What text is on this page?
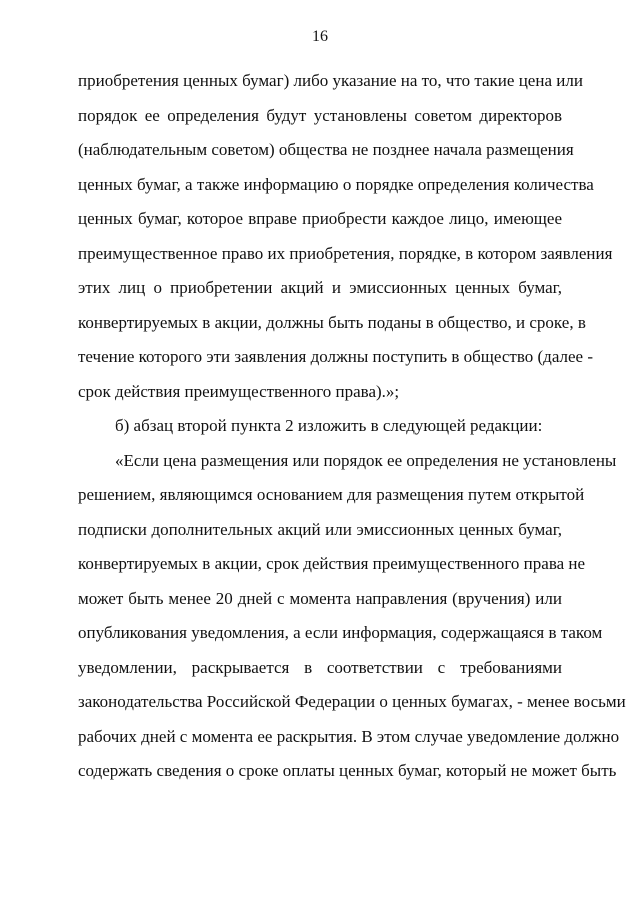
16
приобретения ценных бумаг) либо указание на то, что такие цена или
порядок ее определения будут установлены советом директоров
(наблюдательным советом) общества не позднее начала размещения
ценных бумаг, а также информацию о порядке определения количества
ценных бумаг, которое вправе приобрести каждое лицо, имеющее
преимущественное право их приобретения, порядке, в котором заявления
этих лиц о приобретении акций и эмиссионных ценных бумаг,
конвертируемых в акции, должны быть поданы в общество, и сроке, в
течение которого эти заявления должны поступить в общество (далее -
срок действия преимущественного права).»;
б) абзац второй пункта 2 изложить в следующей редакции:
«Если цена размещения или порядок ее определения не установлены
решением, являющимся основанием для размещения путем открытой
подписки дополнительных акций или эмиссионных ценных бумаг,
конвертируемых в акции, срок действия преимущественного права не
может быть менее 20 дней с момента направления (вручения) или
опубликования уведомления, а если информация, содержащаяся в таком
уведомлении, раскрывается в соответствии с требованиями
законодательства Российской Федерации о ценных бумагах, - менее восьми
рабочих дней с момента ее раскрытия. В этом случае уведомление должно
содержать сведения о сроке оплаты ценных бумаг, который не может быть
